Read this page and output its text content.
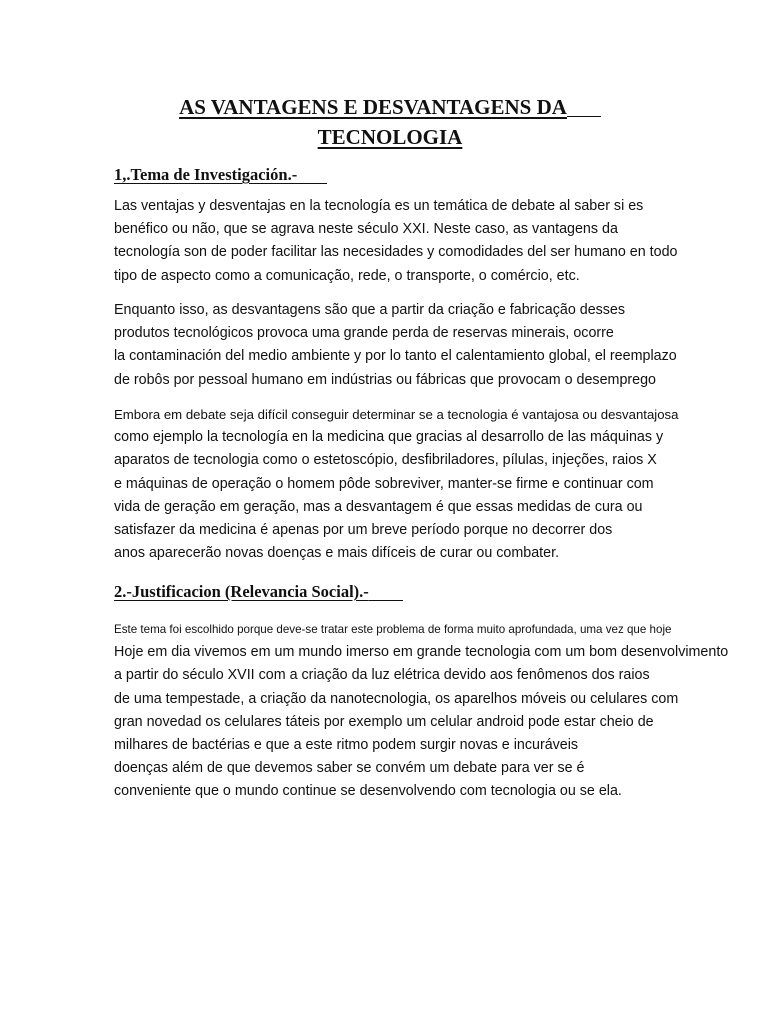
AS VANTAGENS E DESVANTAGENS DA
TECNOLOGIA
1,.Tema de Investigación.-
Las ventajas y desventajas en la tecnología es un temática de debate al saber si es
benéfico ou não, que se agrava neste século XXI. Neste caso, as vantagens da
tecnología son de poder facilitar las necesidades y comodidades del ser humano en todo
tipo de aspecto como a comunicação, rede, o transporte, o comércio, etc.
Enquanto isso, as desvantagens são que a partir da criação e fabricação desses
produtos tecnológicos provoca uma grande perda de reservas minerais, ocorre
la contaminación del medio ambiente y por lo tanto el calentamiento global, el reemplazo
de robôs por pessoal humano em indústrias ou fábricas que provocam o desemprego
Embora em debate seja difícil conseguir determinar se a tecnologia é vantajosa ou desvantajosa
como ejemplo la tecnología en la medicina que gracias al desarrollo de las máquinas y
aparatos de tecnologia como o estetoscópio, desfibriladores, pílulas, injeções, raios X
e máquinas de operação o homem pôde sobreviver, manter-se firme e continuar com
vida de geração em geração, mas a desvantagem é que essas medidas de cura ou
satisfazer da medicina é apenas por um breve período porque no decorrer dos
anos aparecerão novas doenças e mais difíceis de curar ou combater.
2.-Justificacion (Relevancia Social).-
Este tema foi escolhido porque deve-se tratar este problema de forma muito aprofundada, uma vez que hoje
Hoje em dia vivemos em um mundo imerso em grande tecnologia com um bom desenvolvimento
a partir do século XVII com a criação da luz elétrica devido aos fenômenos dos raios
de uma tempestade, a criação da nanotecnologia, os aparelhos móveis ou celulares com
gran novedad os celulares táteis por exemplo um celular android pode estar cheio de
milhares de bactérias e que a este ritmo podem surgir novas e incuráveis
doenças além de que devemos saber se convém um debate para ver se é
conveniente que o mundo continue se desenvolvendo com tecnologia ou se ela.
